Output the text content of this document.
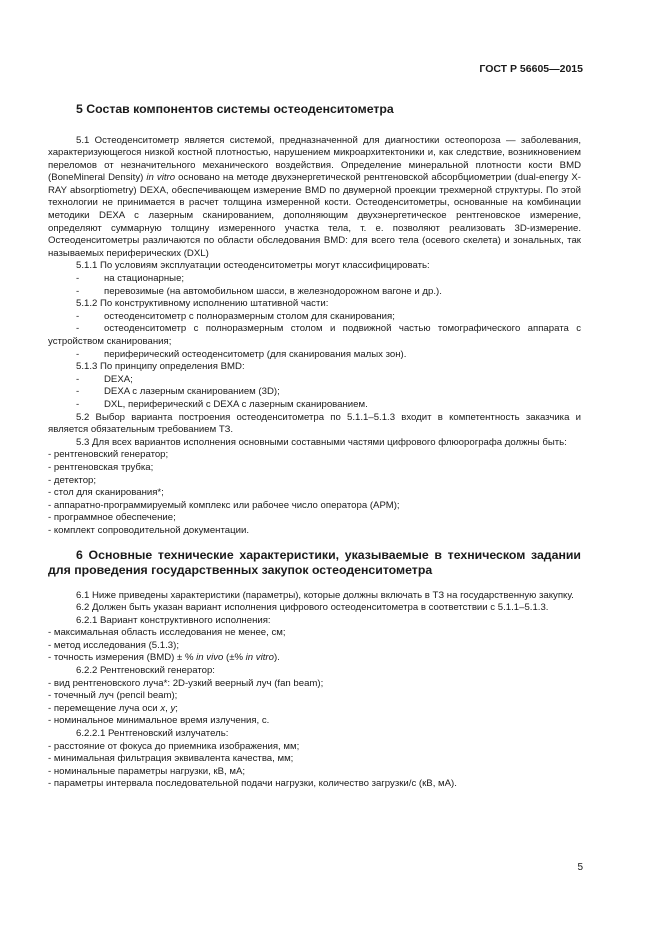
ГОСТ Р 56605—2015
5 Состав компонентов системы остеоденситометра

5.1 Остеоденситометр является системой, предназначенной для диагностики остеопороза — заболевания, характеризующегося низкой костной плотностью, нарушением микроархитектоники и, как следствие, возникновением переломов от незначительного механического воздействия. Определение минеральной плотности кости BMD (BoneMineral Density) in vitro основано на методе двухэнергетической рентгеновской абсорбциометрии (dual-energy X-RAY absorptiometry) DEXA, обеспечивающем измерение BMD по двумерной проекции трехмерной структуры. По этой технологии не принимается в расчет толщина измеренной кости. Остеоденситометры, основанные на комбинации методики DEXA с лазерным сканированием, дополняющим двухэнергетическое рентгеновское измерение, определяют суммарную толщину измеренного участка тела, т. е. позволяют реализовать 3D-измерение. Остеоденситометры различаются по области обследования BMD: для всего тела (осевого скелета) и зональных, так называемых периферических (DXL)

5.1.1 По условиям эксплуатации остеоденситометры могут классифицировать:

-	на стационарные;
-	перевозимые (на автомобильном шасси, в железнодорожном вагоне и др.).

5.1.2 По конструктивному исполнению штативной части:

-	остеоденситометр с полноразмерным столом для сканирования;

-	остеоденситометр с полноразмерным столом и подвижной частью томографического аппарата с устройством сканирования;

-	периферический остеоденситометр (для сканирования малых зон).

5.1.3 По принципу определения BMD:

-	DEXA;
-	DEXA с лазерным сканированием (3D);
-	DXL, периферический с DEXA с лазерным сканированием.

5.2 Выбор варианта построения остеоденситометра по 5.1.1–5.1.3 входит в компетентность заказчика и является обязательным требованием ТЗ.

5.3 Для всех вариантов исполнения основными составными частями цифрового флюорографа должны быть:

- рентгеновский генератор;

- рентгеновская трубка;

- детектор;

- стол для сканирования*;

- аппаратно-программируемый комплекс или рабочее число оператора (АРМ);

- программное обеспечение;

- комплект сопроводительной документации.

6 Основные технические характеристики, указываемые в техническом задании для проведения государственных закупок остеоденситометра

6.1 Ниже приведены характеристики (параметры), которые должны включать в ТЗ на государственную закупку.

6.2 Должен быть указан вариант исполнения цифрового остеоденситометра в соответствии с 5.1.1–5.1.3.

6.2.1 Вариант конструктивного исполнения:

- максимальная область исследования не менее, см;

- метод исследования (5.1.3);

- точность измерения (BMD) ± % in vivo (±% in vitro).

6.2.2 Рентгеновский генератор:

- вид рентгеновского луча*: 2D-узкий веерный луч (fan beam);

- точечный луч (pencil beam);

- перемещение луча оси x, y;

- номинальное минимальное время излучения, с.

6.2.2.1 Рентгеновский излучатель:

- расстояние от фокуса до приемника изображения, мм;

- минимальная фильтрация эквивалента качества, мм;

- номинальные параметры нагрузки, кВ, мА;

- параметры интервала последовательной подачи нагрузки, количество загрузки/с (кВ, мА).

5
